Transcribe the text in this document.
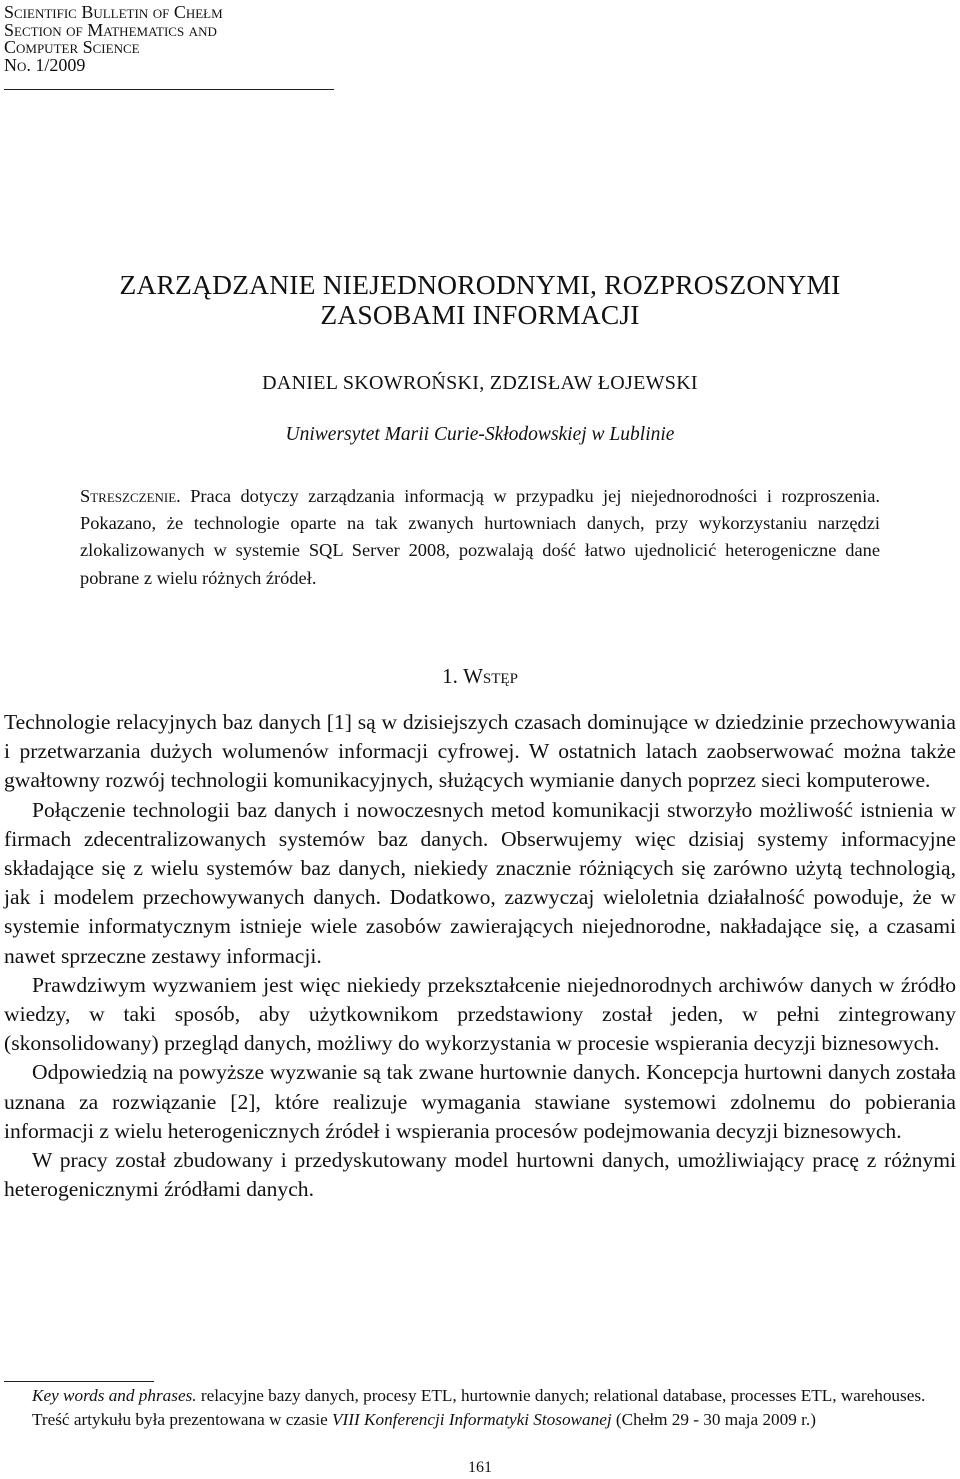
Scientific Bulletin of Chełm
Section of Mathematics and
Computer Science
No. 1/2009
ZARZĄDZANIE NIEJEDNORODNYMI, ROZPROSZONYMI
ZASOBAMI INFORMACJI
DANIEL SKOWROŃSKI, ZDZISŁAW ŁOJEWSKI
Uniwersytet Marii Curie-Skłodowskiej w Lublinie
Streszczenie. Praca dotyczy zarządzania informacją w przypadku jej niejednorodności i rozproszenia. Pokazano, że technologie oparte na tak zwanych hurtowniach danych, przy wykorzystaniu narzędzi zlokalizowanych w systemie SQL Server 2008, pozwalają dość łatwo ujednolicić heterogeniczne dane pobrane z wielu różnych źródeł.
1. Wstęp

Technologie relacyjnych baz danych [1] są w dzisiejszych czasach dominujące w dziedzinie przechowywania i przetwarzania dużych wolumenów informacji cyfrowej. W ostatnich latach zaobserwować można także gwałtowny rozwój technologii komunikacyjnych, służących wymianie danych poprzez sieci komputerowe.

Połączenie technologii baz danych i nowoczesnych metod komunikacji stworzyło możliwość istnienia w firmach zdecentralizowanych systemów baz danych. Obserwujemy więc dzisiaj systemy informacyjne składające się z wielu systemów baz danych, niekiedy znacznie różniących się zarówno użytą technologią, jak i modelem przechowywanych danych. Dodatkowo, zazwyczaj wieloletnia działalność powoduje, że w systemie informatycznym istnieje wiele zasobów zawierających niejednorodne, nakładające się, a czasami nawet sprzeczne zestawy informacji.

Prawdziwym wyzwaniem jest więc niekiedy przekształcenie niejednorodnych archiwów danych w źródło wiedzy, w taki sposób, aby użytkownikom przedstawiony został jeden, w pełni zintegrowany (skonsolidowany) przegląd danych, możliwy do wykorzystania w procesie wspierania decyzji biznesowych.

Odpowiedzią na powyższe wyzwanie są tak zwane hurtownie danych. Koncepcja hurtowni danych została uznana za rozwiązanie [2], które realizuje wymagania stawiane systemowi zdolnemu do pobierania informacji z wielu heterogenicznych źródeł i wspierania procesów podejmowania decyzji biznesowych.

W pracy został zbudowany i przedyskutowany model hurtowni danych, umożliwiający pracę z różnymi heterogenicznymi źródłami danych.

Key words and phrases. relacyjne bazy danych, procesy ETL, hurtownie danych; relational database, processes ETL, warehouses.

Treść artykułu była prezentowana w czasie VIII Konferencji Informatyki Stosowanej (Chełm 29 - 30 maja 2009 r.)

161
